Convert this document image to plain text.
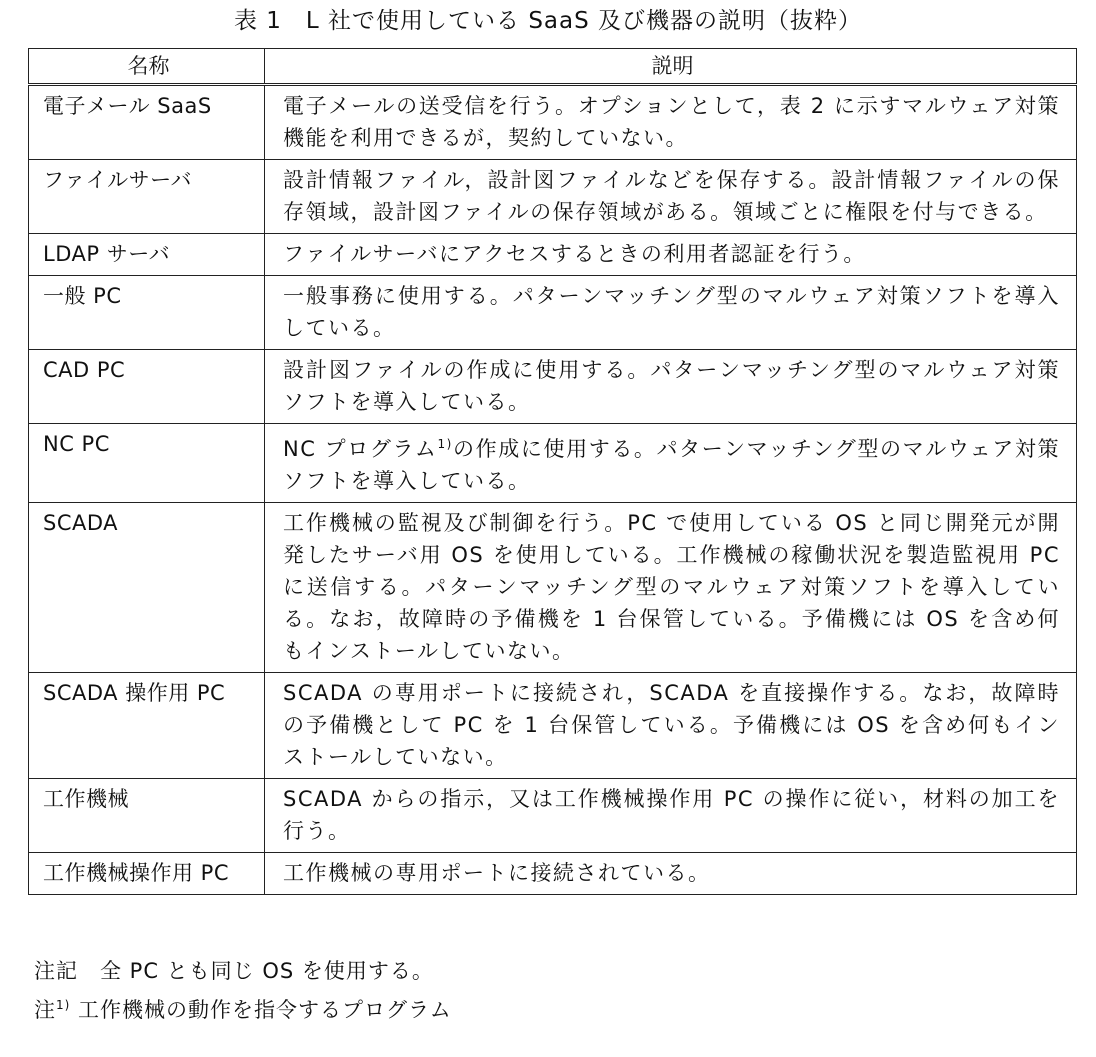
表 1　L 社で使用している SaaS 及び機器の説明（抜粋）
名称	説明
電子メール SaaS	電子メールの送受信を行う。オプションとして，表 2 に示すマルウェア対策機能を利用できるが，契約していない。
ファイルサーバ	設計情報ファイル，設計図ファイルなどを保存する。設計情報ファイルの保存領域，設計図ファイルの保存領域がある。領域ごとに権限を付与できる。
LDAP サーバ	ファイルサーバにアクセスするときの利用者認証を行う。
一般 PC	一般事務に使用する。パターンマッチング型のマルウェア対策ソフトを導入している。
CAD PC	設計図ファイルの作成に使用する。パターンマッチング型のマルウェア対策ソフトを導入している。
NC PC	NC プログラム$^{1)}$の作成に使用する。パターンマッチング型のマルウェア対策ソフトを導入している。
SCADA	工作機械の監視及び制御を行う。PC で使用している OS と同じ開発元が開発したサーバ用 OS を使用している。工作機械の稼働状況を製造監視用 PC に送信する。パターンマッチング型のマルウェア対策ソフトを導入している。なお，故障時の予備機を 1 台保管している。予備機には OS を含め何もインストールしていない。
SCADA 操作用 PC	SCADA の専用ポートに接続され，SCADA を直接操作する。なお，故障時の予備機として PC を 1 台保管している。予備機には OS を含め何もインストールしていない。
工作機械	SCADA からの指示，又は工作機械操作用 PC の操作に従い，材料の加工を行う。
工作機械操作用 PC	工作機械の専用ポートに接続されている。
注記　全 PC とも同じ OS を使用する。
注$^{1)}$ 工作機械の動作を指令するプログラム
